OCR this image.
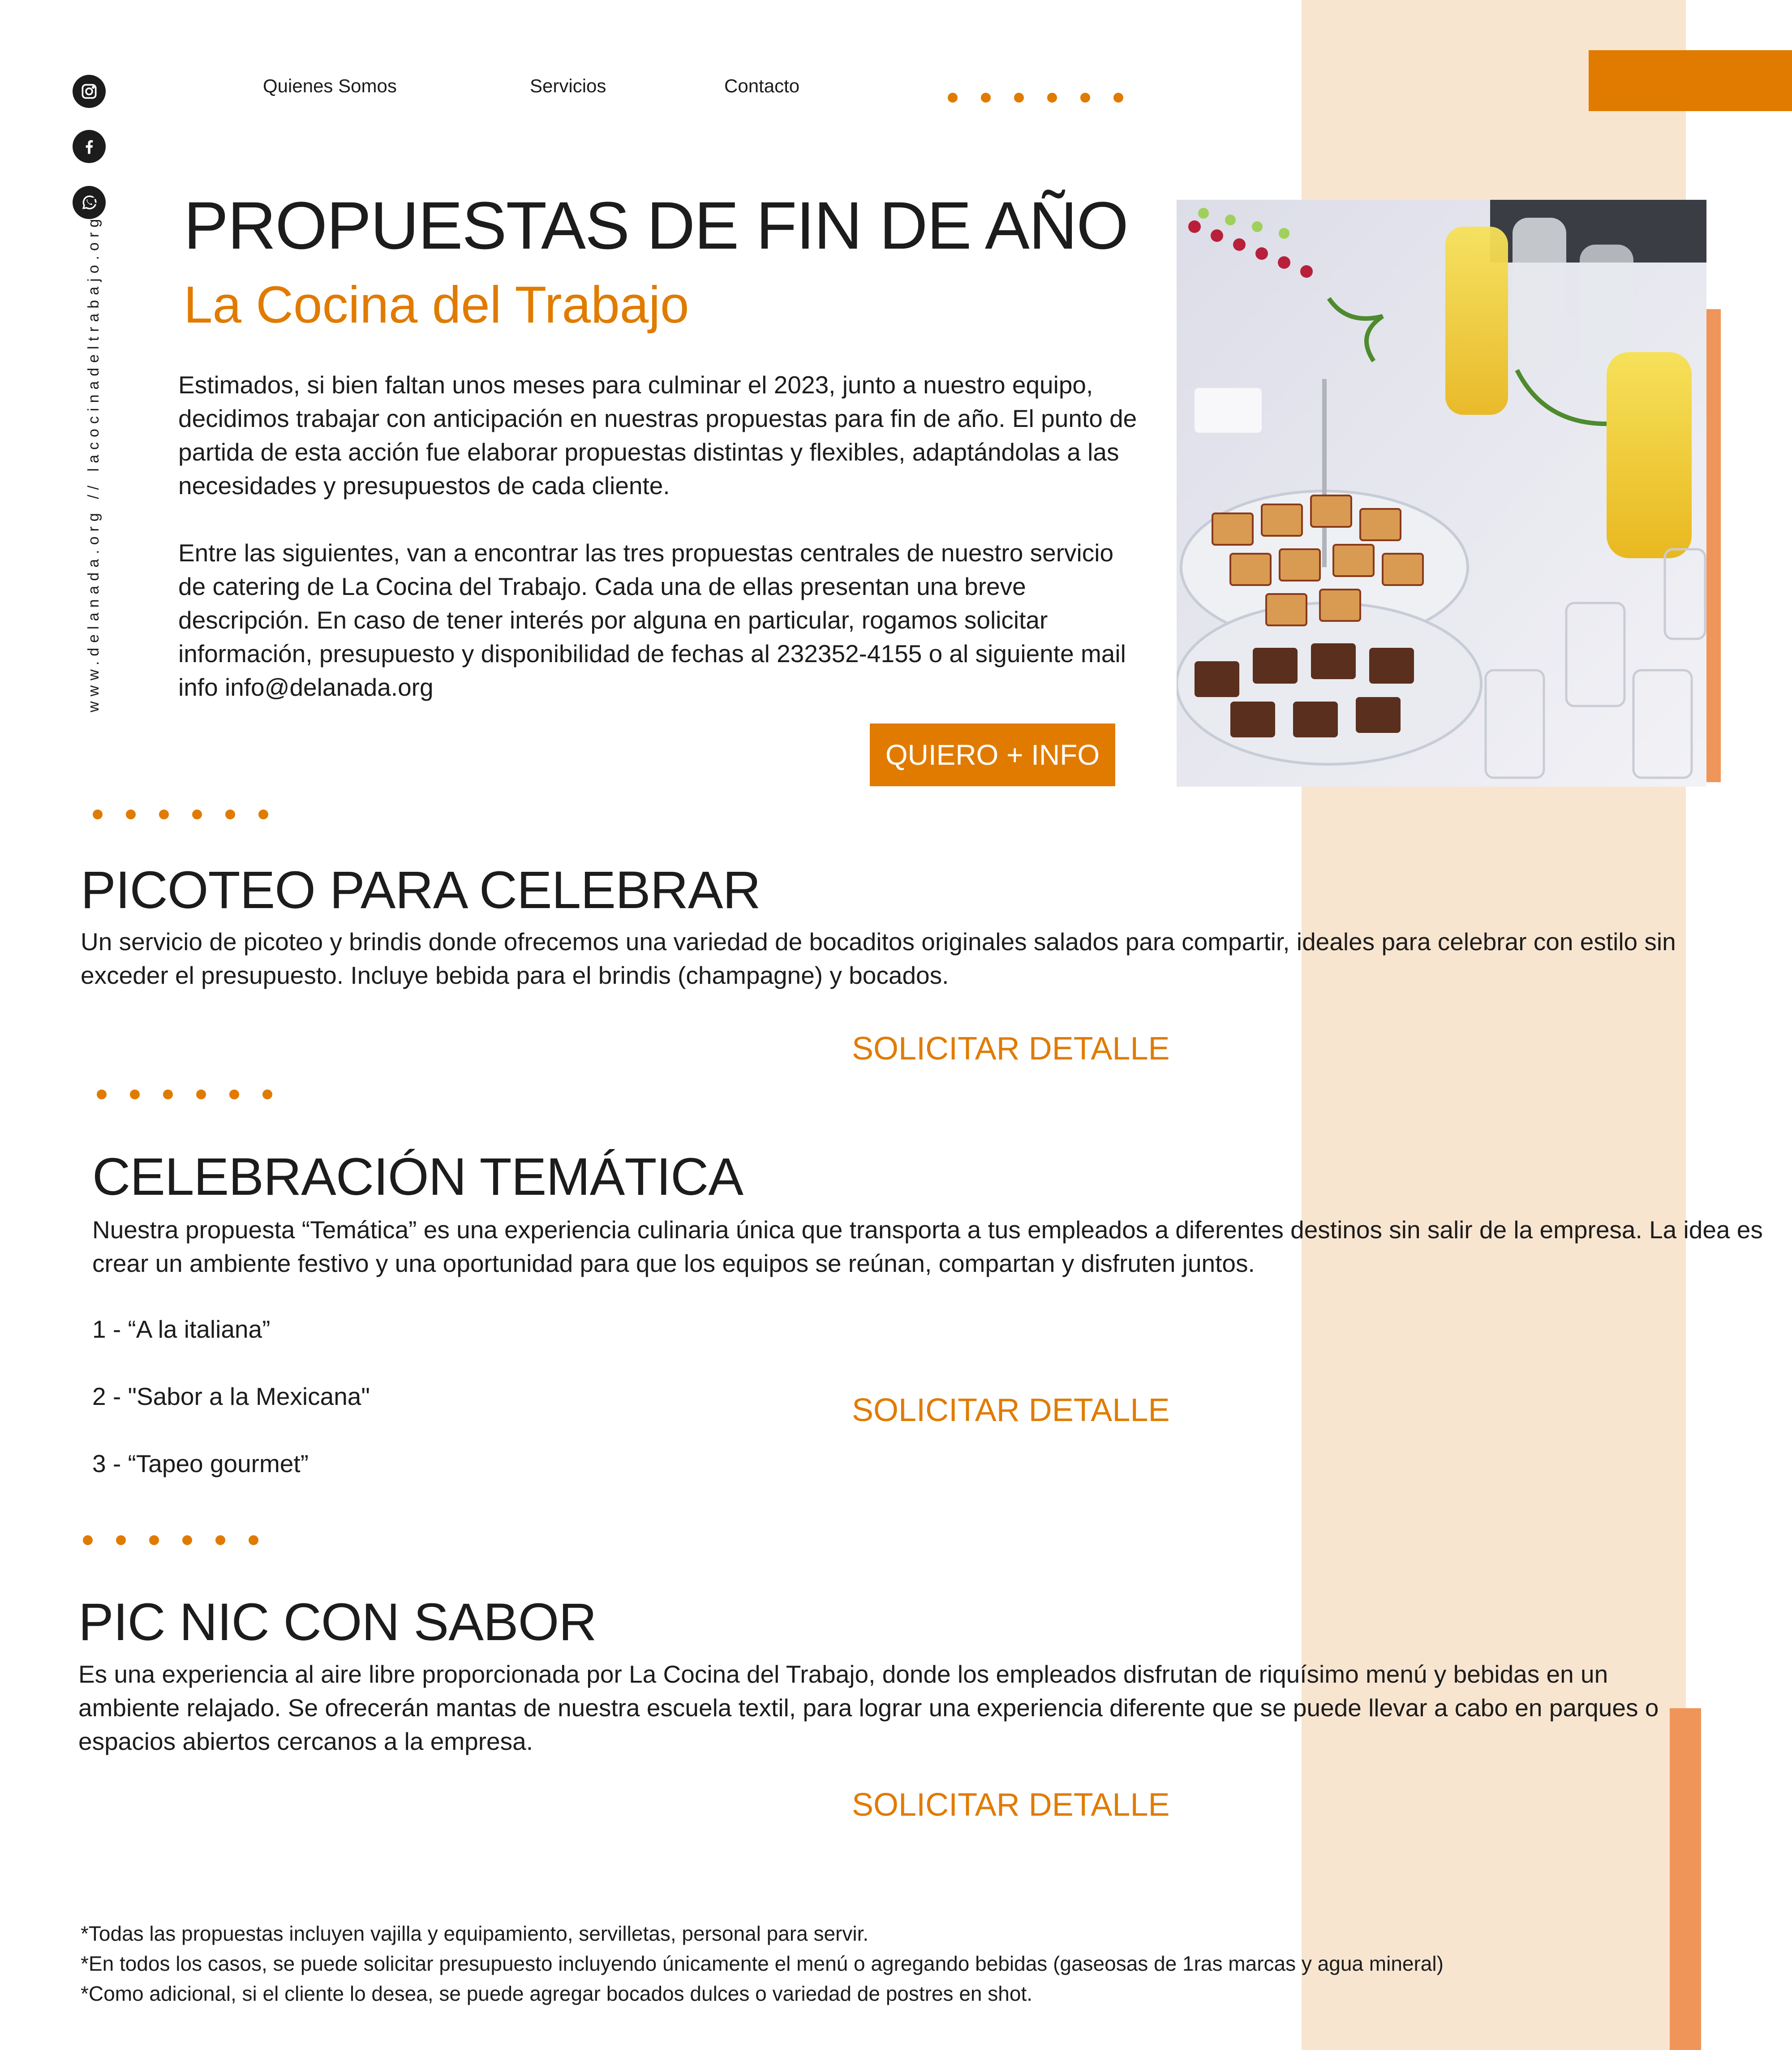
www.delanada.org // lacocinadeltrabajo.org.ar
Quienes Somos	Servicios	Contacto
PROPUESTAS DE FIN DE AÑO
La Cocina del Trabajo

Estimados, si bien faltan unos meses para culminar el 2023, junto a nuestro equipo, decidimos trabajar con anticipación en nuestras propuestas para fin de año. El punto de partida de esta acción fue elaborar propuestas distintas y flexibles, adaptándolas a las necesidades y presupuestos de cada cliente.

Entre las siguientes, van a encontrar las tres propuestas centrales de nuestro servicio de catering de La Cocina del Trabajo. Cada una de ellas presentan una breve descripción. En caso de tener interés por alguna en particular, rogamos solicitar información, presupuesto y disponibilidad de fechas al 232352-4155 o al siguiente mail info info@delanada.org

QUIERO + INFO
PICOTEO PARA CELEBRAR
Un servicio de picoteo y brindis donde ofrecemos una variedad de bocaditos originales salados para compartir, ideales para celebrar con estilo sin exceder el presupuesto. Incluye bebida para el brindis (champagne) y bocados.
SOLICITAR DETALLE
CELEBRACIÓN TEMÁTICA
Nuestra propuesta “Temática” es una experiencia culinaria única que transporta a tus empleados a diferentes destinos sin salir de la empresa. La idea es crear un ambiente festivo y una oportunidad para que los equipos se reúnan, compartan y disfruten juntos.
1 - “A la italiana”
2 - "Sabor a la Mexicana"
3 - “Tapeo gourmet”
SOLICITAR DETALLE
PIC NIC CON SABOR
Es una experiencia al aire libre proporcionada por La Cocina del Trabajo, donde los empleados disfrutan de riquísimo menú y bebidas en un ambiente relajado. Se ofrecerán mantas de nuestra escuela textil, para lograr una experiencia diferente que se puede llevar a cabo en parques o espacios abiertos cercanos a la empresa.
SOLICITAR DETALLE
*Todas las propuestas incluyen vajilla y equipamiento, servilletas, personal para servir.
*En todos los casos, se puede solicitar presupuesto incluyendo únicamente el menú o agregando bebidas (gaseosas de 1ras marcas y agua mineral)
*Como adicional, si el cliente lo desea, se puede agregar bocados dulces o variedad de postres en shot.
